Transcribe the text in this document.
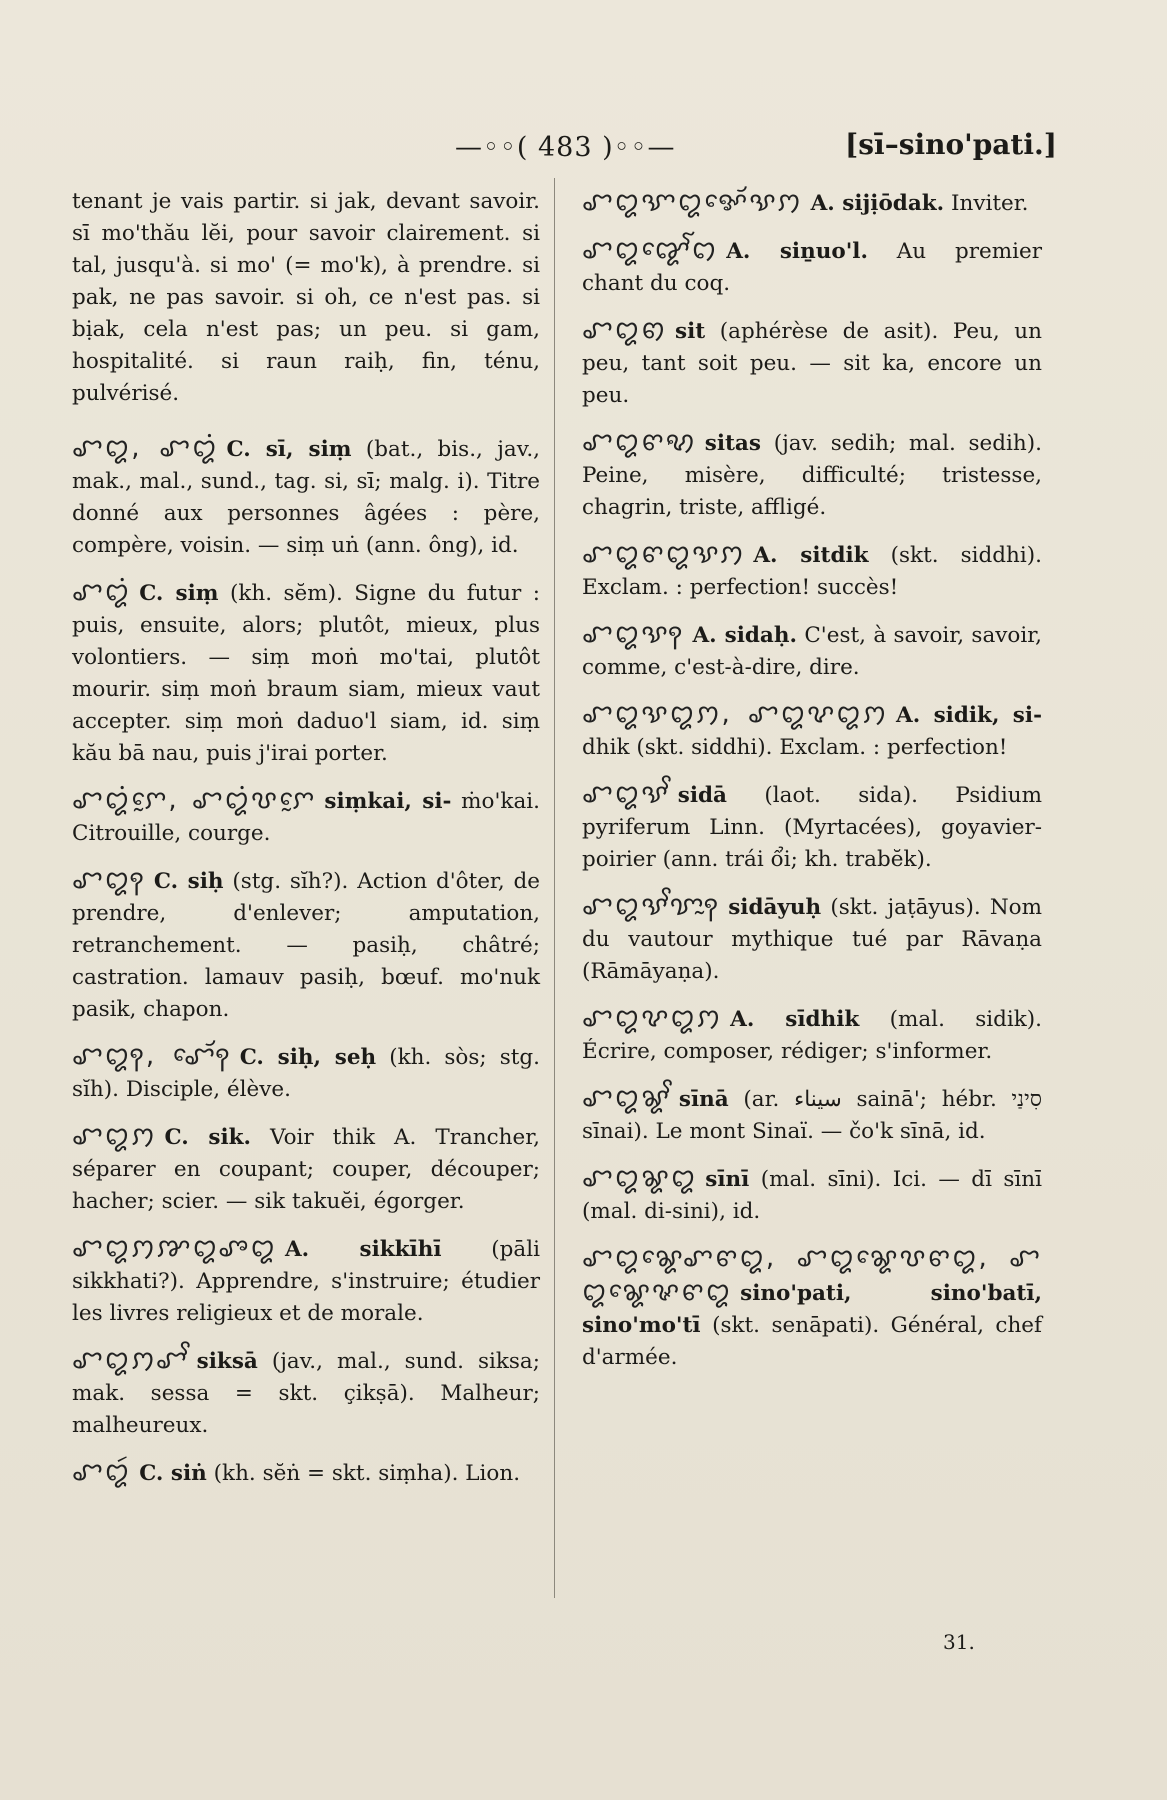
—◦◦( 483 )◦◦—	[sī–sino'pati.]
tenant je vais partir. si jak, devant savoir. sī mo'thău lĕi, pour savoir clairement. si tal, jusqu'à. si mo' (= mo'k), à prendre. si pak, ne pas savoir. si oh, ce n'est pas. si bịak, cela n'est pas; un peu. si gam, hospitalité. si raun raiḥ, fin, ténu, pulvérisé.
ꨧꨁ, ꨧꨁꩌ C. sī, siṃ (bat., bis., jav., mak., mal., sund., tag. si, sī; malg. i). Titre donné aux personnes âgées : père, compère, voisin. — siṃ uṅ (ann. ông), id.
ꨧꨁꩌ C. siṃ (kh. sĕm). Signe du futur : puis, ensuite, alors; plutôt, mieux, plus volontiers. — siṃ moṅ mo'tai, plutôt mourir. siṃ moṅ braum siam, mieux vaut accepter. siṃ moṅ daduo'l siam, id. siṃ kău bā nau, puis j'irai porter.
ꨧꨁꩌꨆꨰ, ꨧꨁꩌꨝꨆꨰ siṃkai, si- ṁo'kai. Citrouille, courge.
ꨧꨁꩍ C. siḥ (stg. sĭh?). Action d'ôter, de prendre, d'enlever; amputation, retranchement. — pasiḥ, châtré; castration. lamauv pasiḥ, bœuf. mo'nuk pasik, chapon.
ꨧꨁꩍ, ꨧꨯꨮꩍ C. siḥ, seḥ (kh. sòs; stg. sĭh). Disciple, élève.
ꨧꨁꩀ C. sik. Voir thik A. Trancher, séparer en coupant; couper, découper; hacher; scier. — sik takuĕi, égorger.
ꨧꨁꩀꨇꨁꨨꨁ A. sikkīhī (pāli sikkhati?). Apprendre, s'instruire; étudier les livres religieux et de morale.
ꨧꨁꩀꨧꨩ siksā (jav., mal., sund. siksa; mak. sessa = skt. çikṣā). Malheur; malheureux.
ꨧꨁꩃ C. siṅ (kh. sĕṅ = skt. siṃha). Lion.
ꨧꨁꨎꨁꨀꨯꨮꨕꩀ A. sijịōdak. Inviter.
ꨧꨁꨑꨯꨱꩊ A. siṉuo'l. Au premier chant du coq.
ꨧꨁꩅ sit (aphérèse de asit). Peu, un peu, tant soit peu. — sit ka, encore un peu.
ꨧꨁꨓꩋ sitas (jav. sedih; mal. sedih). Peine, misère, difficulté; tristesse, chagrin, triste, affligé.
ꨧꨁꨓꨁꨕꩀ A. sitdik (skt. siddhi). Exclam. : perfection! succès!
ꨧꨁꨕꩍ A. sidaḥ. C'est, à savoir, savoir, comme, c'est-à-dire, dire.
ꨧꨁꨕꨁꩀ, ꨧꨁꨖꨁꩀ A. sidik, si- dhik (skt. siddhi). Exclam. : perfection!
ꨧꨁꨕꨩ sidā (laot. sida). Psidium pyriferum Linn. (Myrtacées), goyavier-poirier (ann. trái ổi; kh. trabĕk).
ꨧꨁꨕꨩꨢꨭꩍ sidāyuḥ (skt. jaṭāyus). Nom du vautour mythique tué par Rāvaṇa (Rāmāyaṇa).
ꨧꨁꨖꨁꩀ A. sīdhik (mal. sidik). Écrire, composer, rédiger; s'informer.
ꨧꨁꨘꨩ sīnā (ar. سيناء sainā'; hébr. סִינַי sīnai). Le mont Sinaï. — čo'k sīnā, id.
ꨧꨁꨘꨁ sīnī (mal. sīni). Ici. — dī sīnī (mal. di-sini), id.
ꨧꨁꨘꨯꨚꨓꨁ, ꨧꨁꨘꨯꨝꨓꨁ, ꨧꨁꨘꨯꨟꨓꨁ sino'pati, sino'batī, sino'mo'tī (skt. senāpati). Général, chef d'armée.
31.
